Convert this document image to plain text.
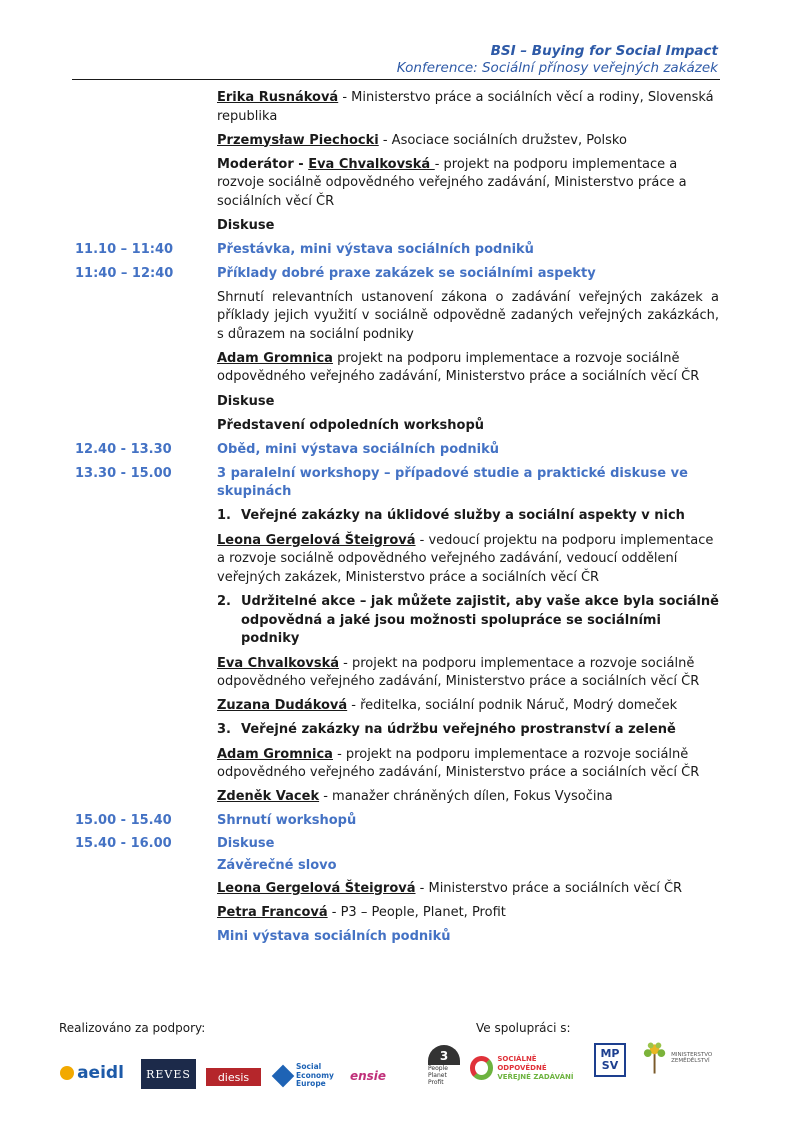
BSI – Buying for Social Impact
Konference: Sociální přínosy veřejných zakázek
Erika Rusnáková - Ministerstvo práce a sociálních věcí a rodiny, Slovenská republika
Przemysław Piechocki - Asociace sociálních družstev, Polsko
Moderátor - Eva Chvalkovská - projekt na podporu implementace a rozvoje sociálně odpovědného veřejného zadávání, Ministerstvo práce a sociálních věcí ČR
Diskuse
11.10 – 11:40	Přestávka, mini výstava sociálních podniků
11:40 – 12:40	Příklady dobré praxe zakázek se sociálními aspekty
Shrnutí relevantních ustanovení zákona o zadávání veřejných zakázek a příklady jejich využití v sociálně odpovědně zadaných veřejných zakázkách, s důrazem na sociální podniky
Adam Gromnica projekt na podporu implementace a rozvoje sociálně odpovědného veřejného zadávání, Ministerstvo práce a sociálních věcí ČR
Diskuse
Představení odpoledních workshopů
12.40 - 13.30	Oběd, mini výstava sociálních podniků
13.30 - 15.00	3 paralelní workshopy – případové studie a praktické diskuse ve skupinách
1. Veřejné zakázky na úklidové služby a sociální aspekty v nich
Leona Gergelová Šteigrová - vedoucí projektu na podporu implementace a rozvoje sociálně odpovědného veřejného zadávání, vedoucí oddělení veřejných zakázek, Ministerstvo práce a sociálních věcí ČR
2. Udržitelné akce – jak můžete zajistit, aby vaše akce byla sociálně odpovědná a jaké jsou možnosti spolupráce se sociálními podniky
Eva Chvalkovská - projekt na podporu implementace a rozvoje sociálně odpovědného veřejného zadávání, Ministerstvo práce a sociálních věcí ČR
Zuzana Dudáková - ředitelka, sociální podnik Náruč, Modrý domeček
3. Veřejné zakázky na údržbu veřejného prostranství a zeleně
Adam Gromnica - projekt na podporu implementace a rozvoje sociálně odpovědného veřejného zadávání, Ministerstvo práce a sociálních věcí ČR
Zdeněk Vacek - manažer chráněných dílen, Fokus Vysočina
15.00 - 15.40	Shrnutí workshopů
15.40 - 16.00	Diskuse
Závěrečné slovo
Leona Gergelová Šteigrová - Ministerstvo práce a sociálních věcí ČR
Petra Francová - P3 – People, Planet, Profit
Mini výstava sociálních podniků
Realizováno za podpory:	Ve spolupráci s:
aeidl REVES diesis
Social
Economy
Europe
ensie
3
People
Planet
Profit
SOCIÁLNĚ ODPOVĚDNÉ
VEŘEJNÉ ZADÁVÁNÍ
MP
SV
MINISTERSTVO ZEMĚDĚLSTVÍ
